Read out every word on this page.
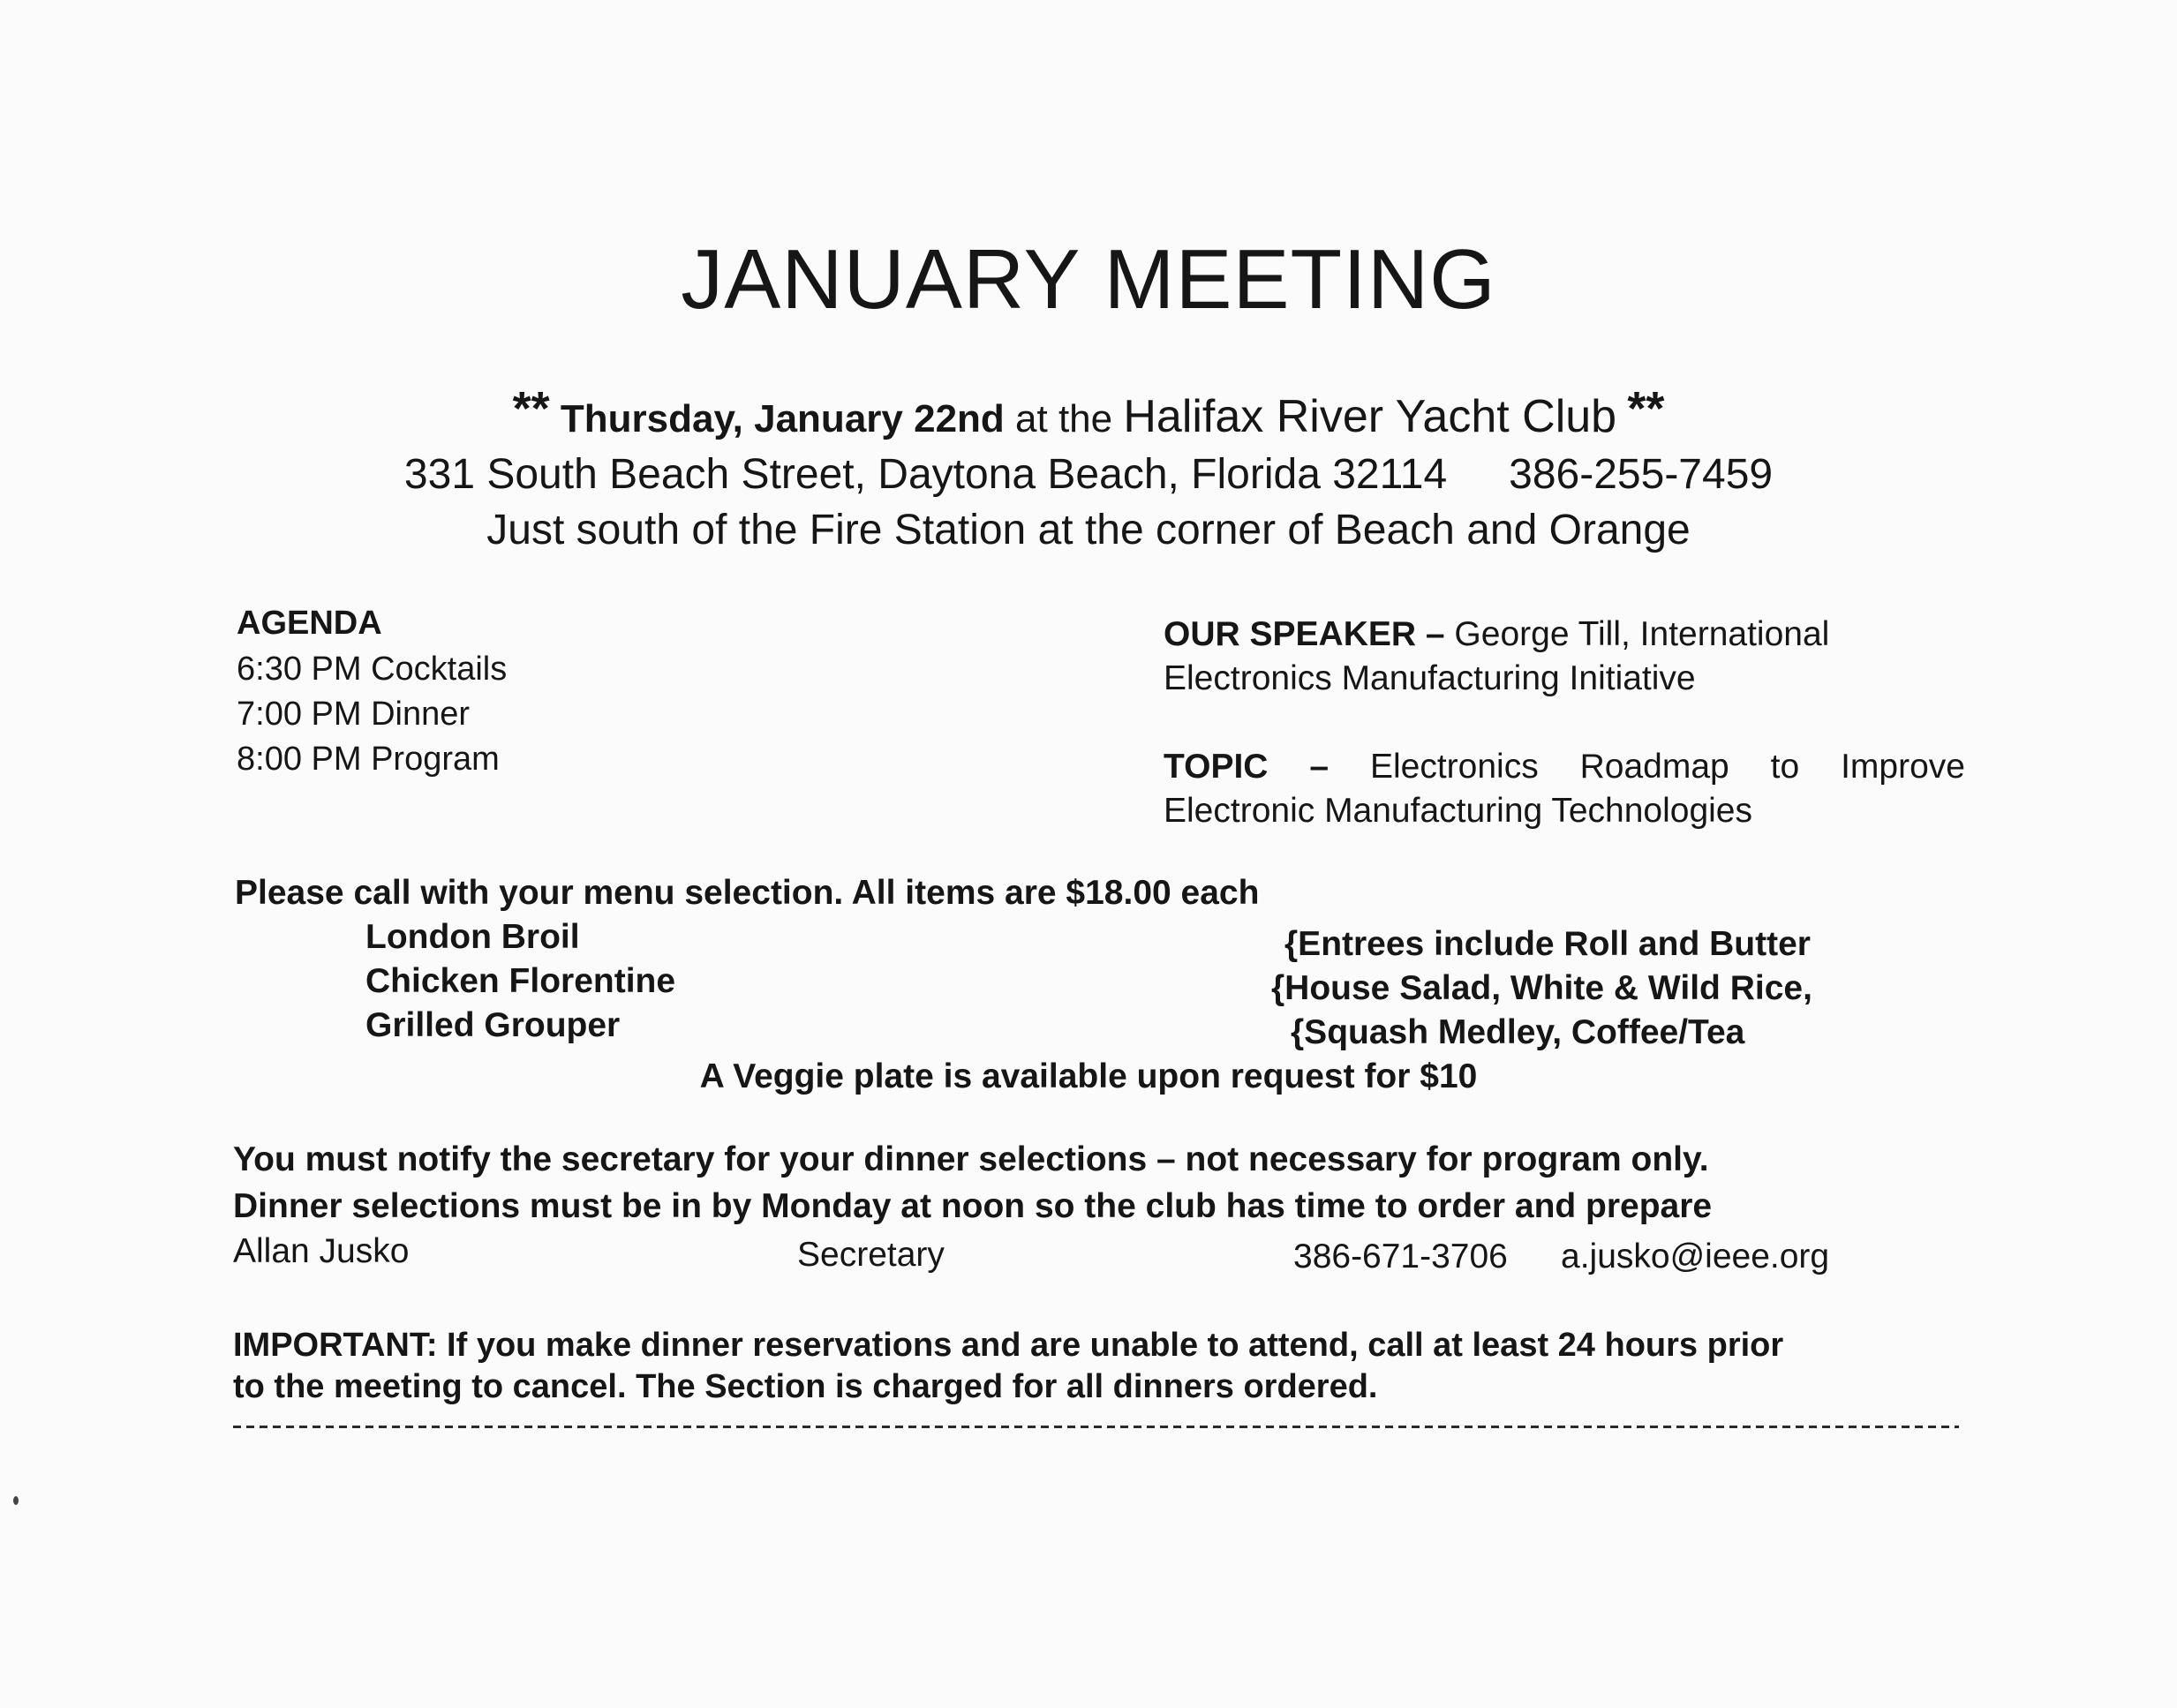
JANUARY MEETING
** Thursday, January 22nd at the Halifax River Yacht Club **
331 South Beach Street, Daytona Beach, Florida 32114 386-255-7459
Just south of the Fire Station at the corner of Beach and Orange
AGENDA
6:30 PM Cocktails
7:00 PM Dinner
8:00 PM Program
OUR SPEAKER – George Till, International Electronics Manufacturing Initiative
TOPIC – Electronics Roadmap to Improve
Electronic Manufacturing Technologies
Please call with your menu selection. All items are $18.00 each
London Broil
Chicken Florentine
Grilled Grouper
{Entrees include Roll and Butter
{House Salad, White & Wild Rice,
{Squash Medley, Coffee/Tea
A Veggie plate is available upon request for $10
You must notify the secretary for your dinner selections – not necessary for program only.
Dinner selections must be in by Monday at noon so the club has time to order and prepare
Allan Jusko	Secretary	386-671-3706 a.jusko@ieee.org
IMPORTANT: If you make dinner reservations and are unable to attend, call at least 24 hours prior
to the meeting to cancel. The Section is charged for all dinners ordered.
